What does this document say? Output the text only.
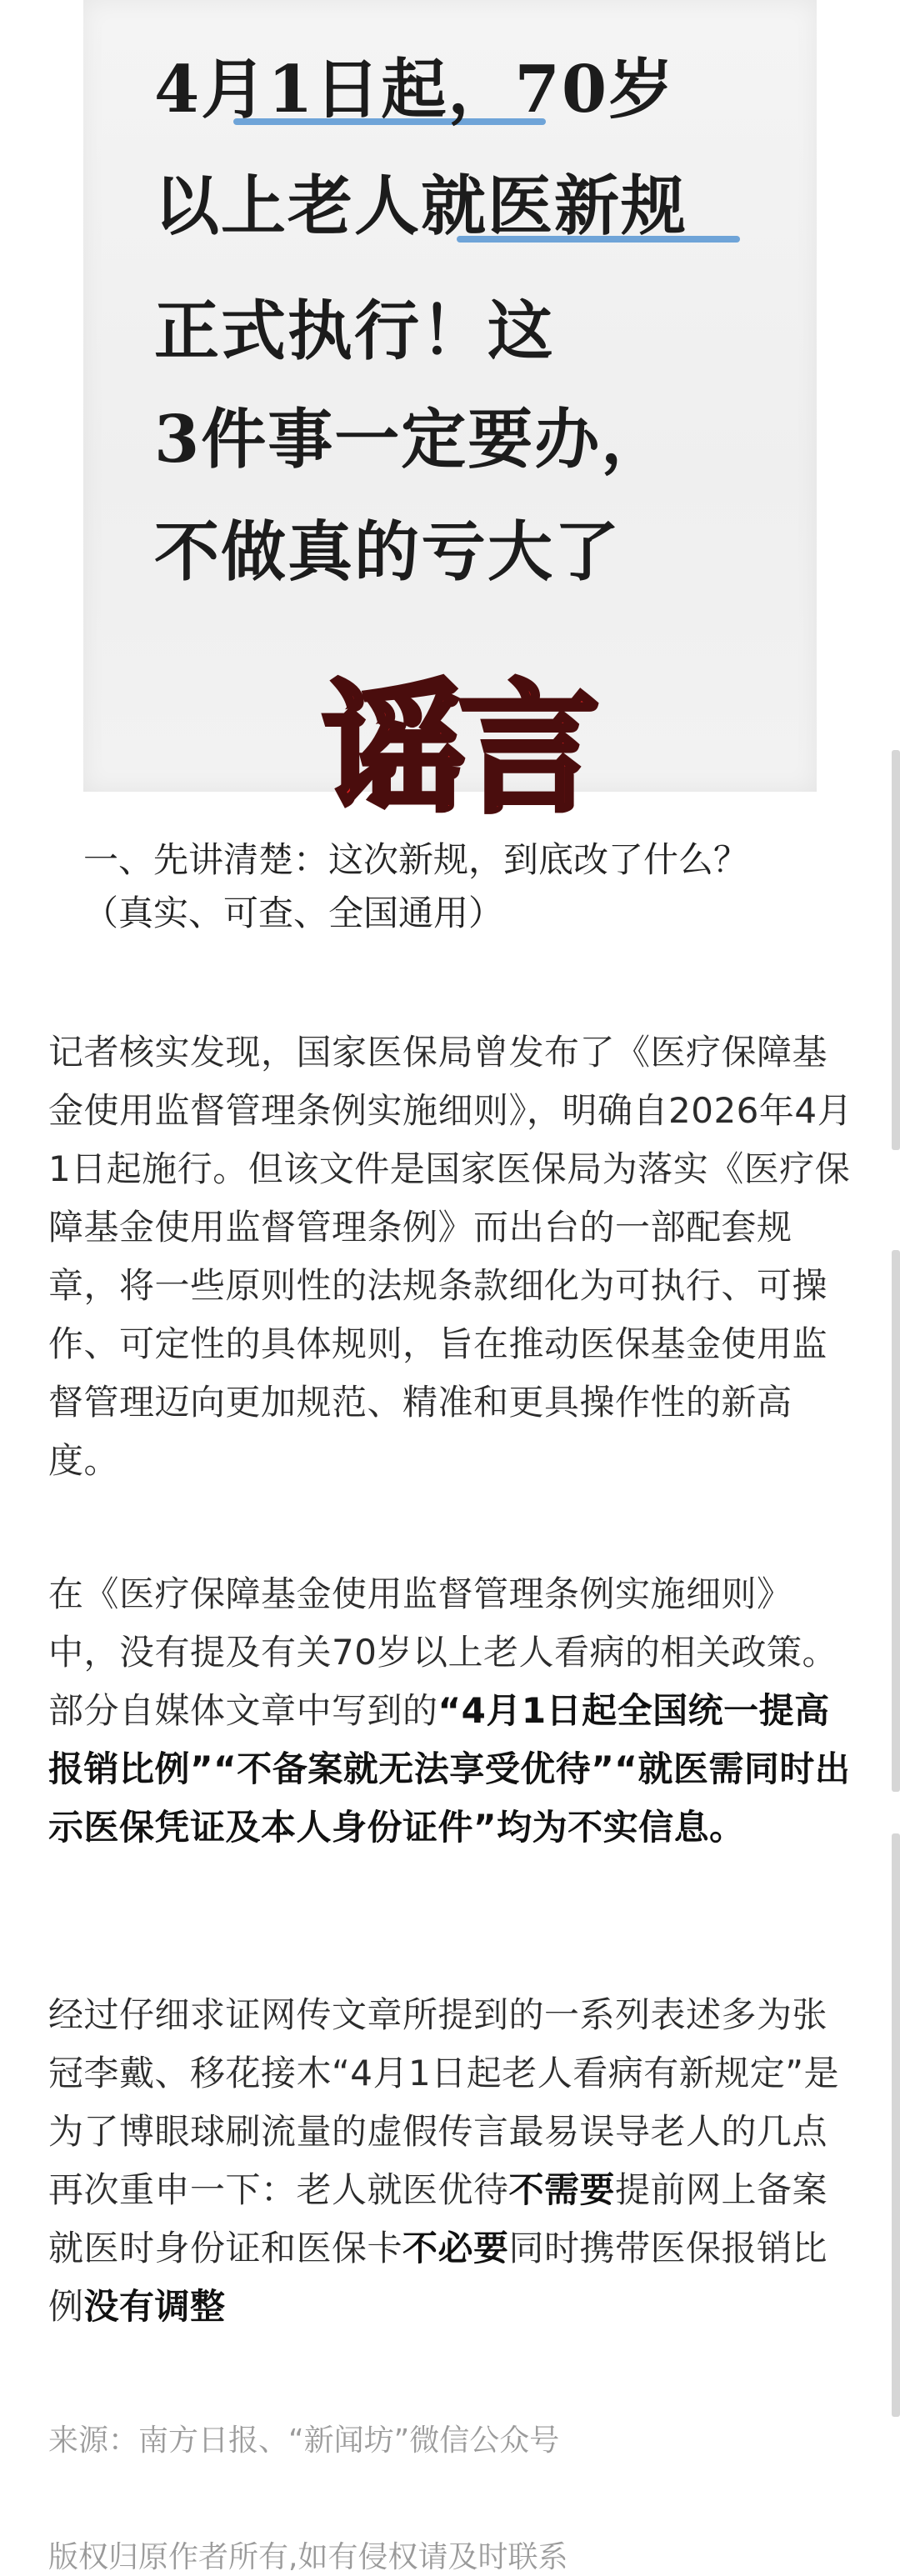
4月1日起，70岁
以上老人就医新规
正式执行！这
3件事一定要办，
不做真的亏大了
谣言
一、先讲清楚：这次新规，到底改了什么？（真实、可查、全国通用）
记者核实发现，国家医保局曾发布了《医疗保障基金使用监督管理条例实施细则》，明确自2026年4月1日起施行。但该文件是国家医保局为落实《医疗保障基金使用监督管理条例》而出台的一部配套规章，将一些原则性的法规条款细化为可执行、可操作、可定性的具体规则，旨在推动医保基金使用监督管理迈向更加规范、精准和更具操作性的新高度。
在《医疗保障基金使用监督管理条例实施细则》中，没有提及有关70岁以上老人看病的相关政策。部分自媒体文章中写到的“4月1日起全国统一提高报销比例”“不备案就无法享受优待”“就医需同时出示医保凭证及本人身份证件”均为不实信息。
经过仔细求证网传文章所提到的一系列表述多为张冠李戴、移花接木“4月1日起老人看病有新规定”是为了博眼球刷流量的虚假传言最易误导老人的几点再次重申一下：老人就医优待不需要提前网上备案就医时身份证和医保卡不必要同时携带医保报销比例没有调整
来源：南方日报、“新闻坊”微信公众号
版权归原作者所有,如有侵权请及时联系
